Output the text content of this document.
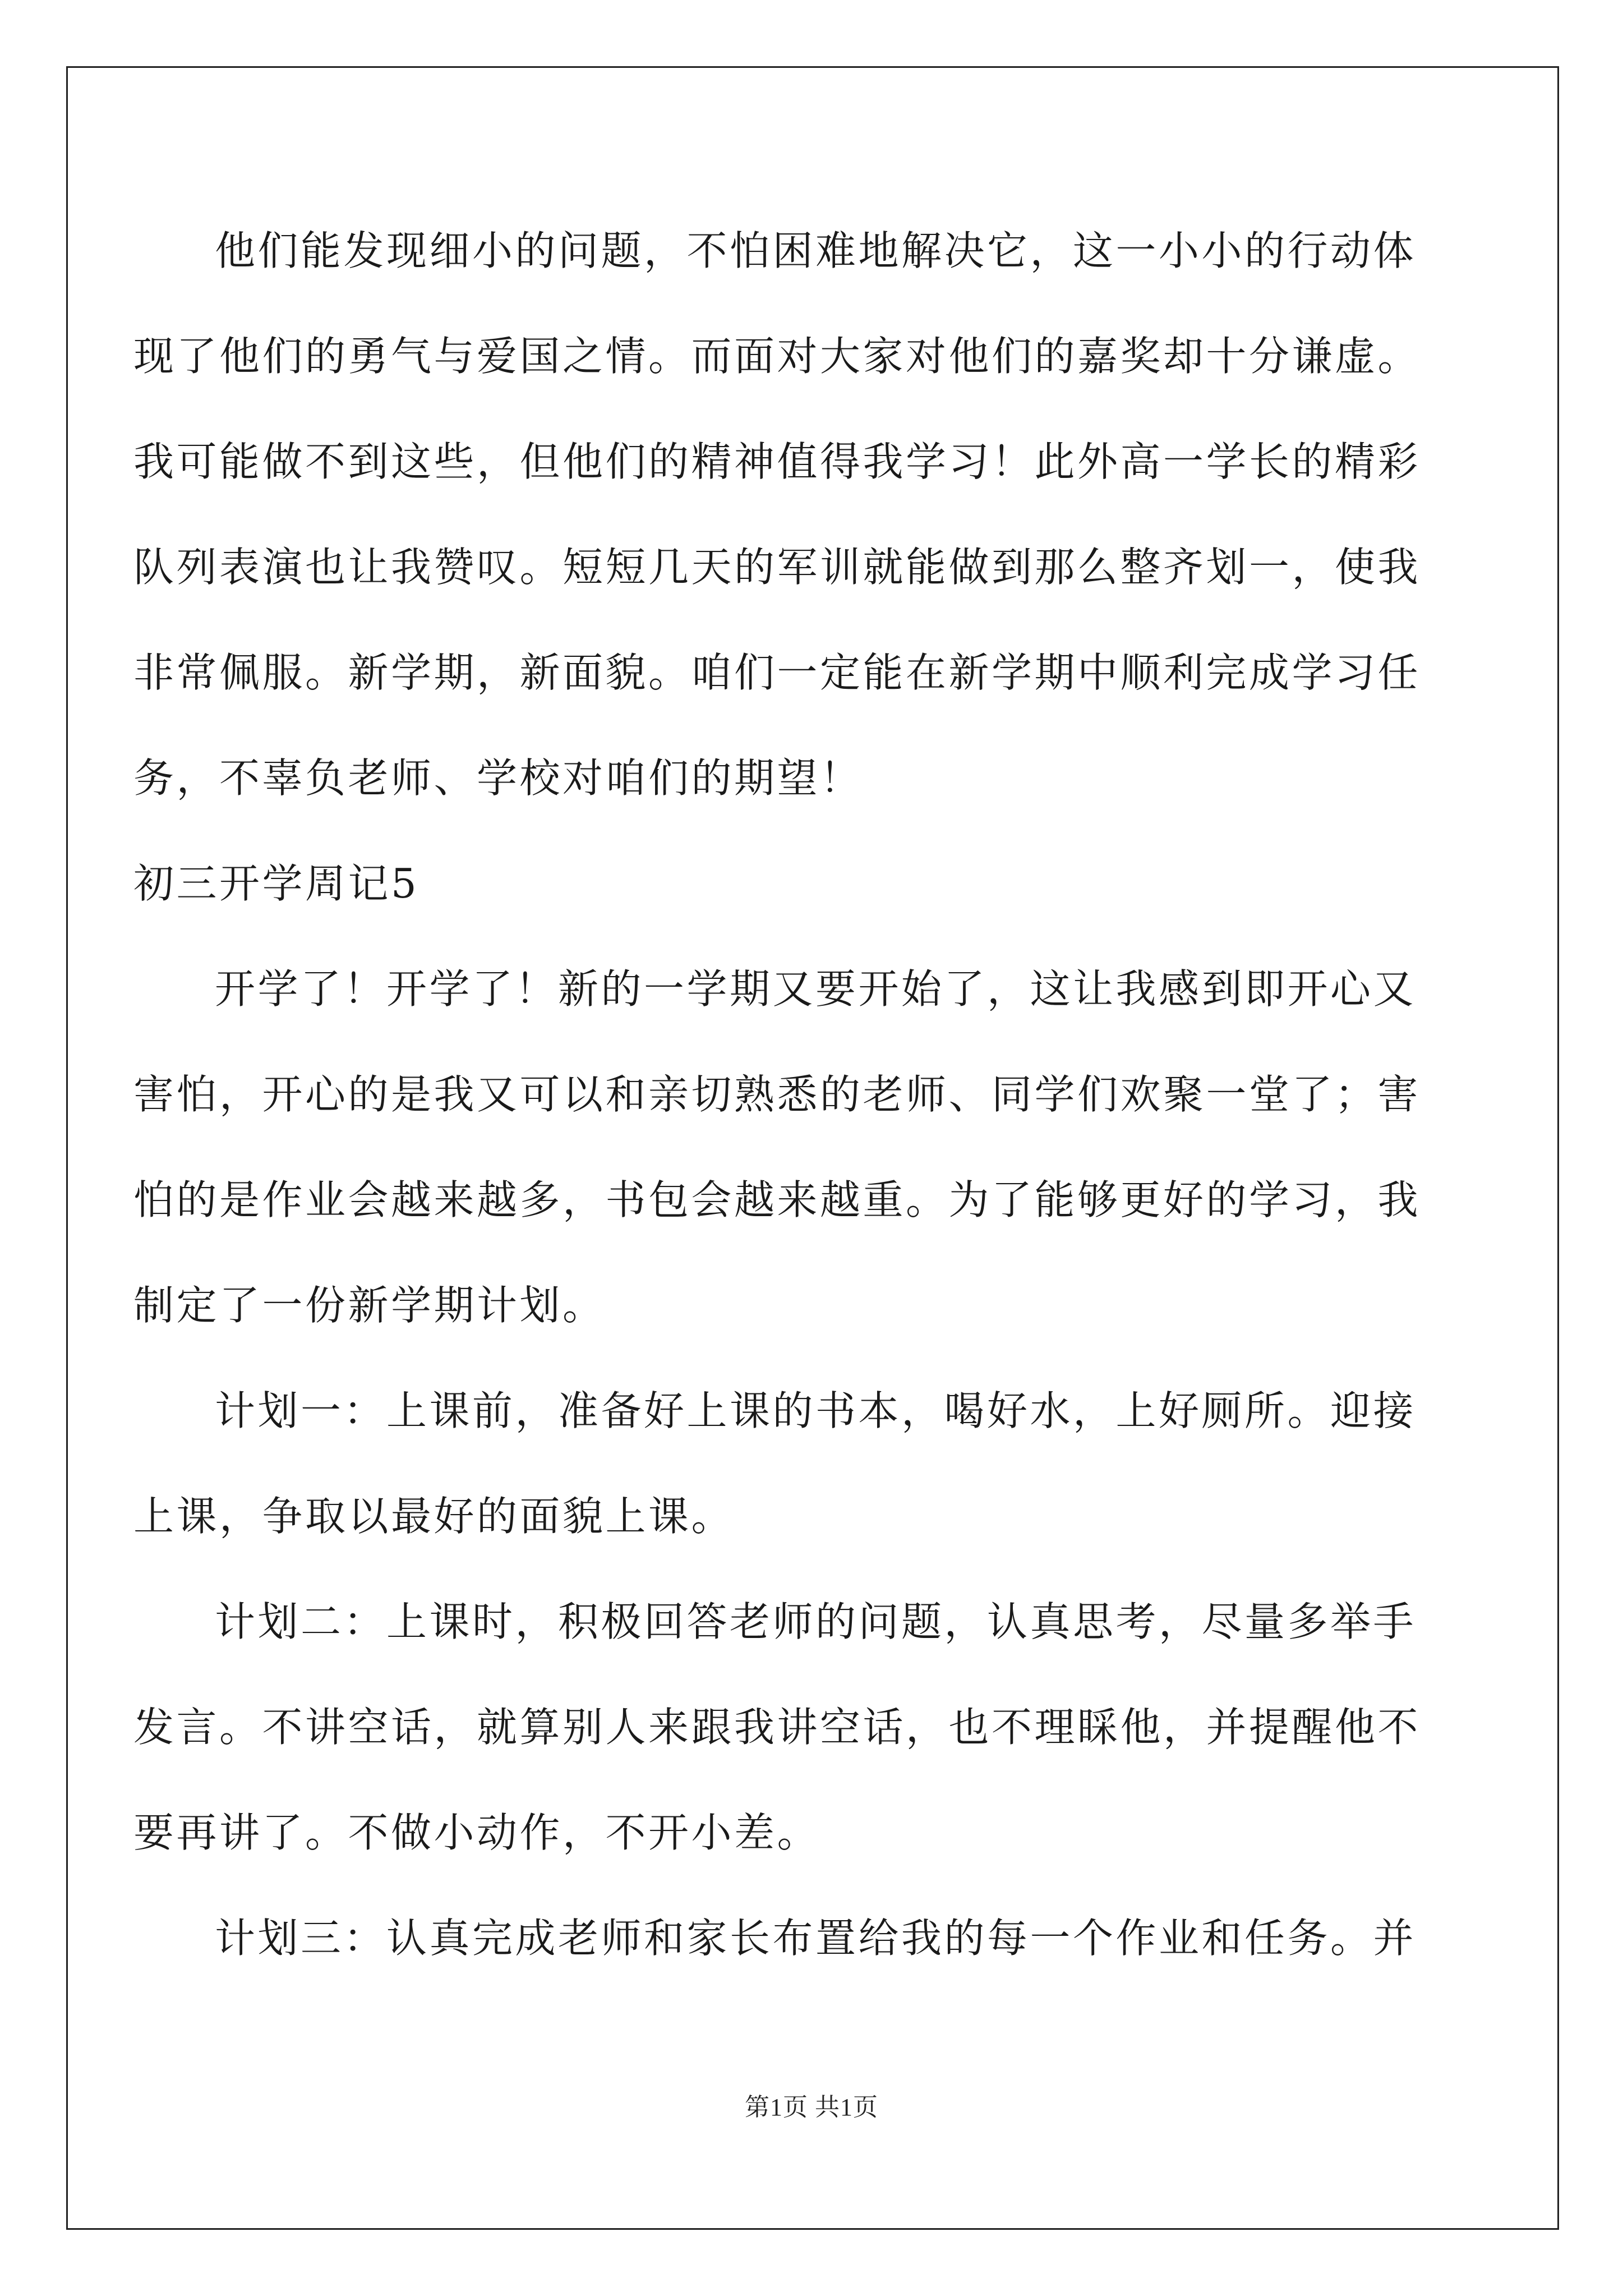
他们能发现细小的问题，不怕困难地解决它，这一小小的行动体
现了他们的勇气与爱国之情。而面对大家对他们的嘉奖却十分谦虚。
我可能做不到这些，但他们的精神值得我学习！此外高一学长的精彩
队列表演也让我赞叹。短短几天的军训就能做到那么整齐划一，使我
非常佩服。新学期，新面貌。咱们一定能在新学期中顺利完成学习任
务，不辜负老师、学校对咱们的期望！
初三开学周记5
开学了！开学了！新的一学期又要开始了，这让我感到即开心又
害怕，开心的是我又可以和亲切熟悉的老师、同学们欢聚一堂了；害
怕的是作业会越来越多，书包会越来越重。为了能够更好的学习，我
制定了一份新学期计划。
计划一：上课前，准备好上课的书本，喝好水，上好厕所。迎接
上课，争取以最好的面貌上课。
计划二：上课时，积极回答老师的问题，认真思考，尽量多举手
发言。不讲空话，就算别人来跟我讲空话，也不理睬他，并提醒他不
要再讲了。不做小动作，不开小差。
计划三：认真完成老师和家长布置给我的每一个作业和任务。并
第1页 共1页
